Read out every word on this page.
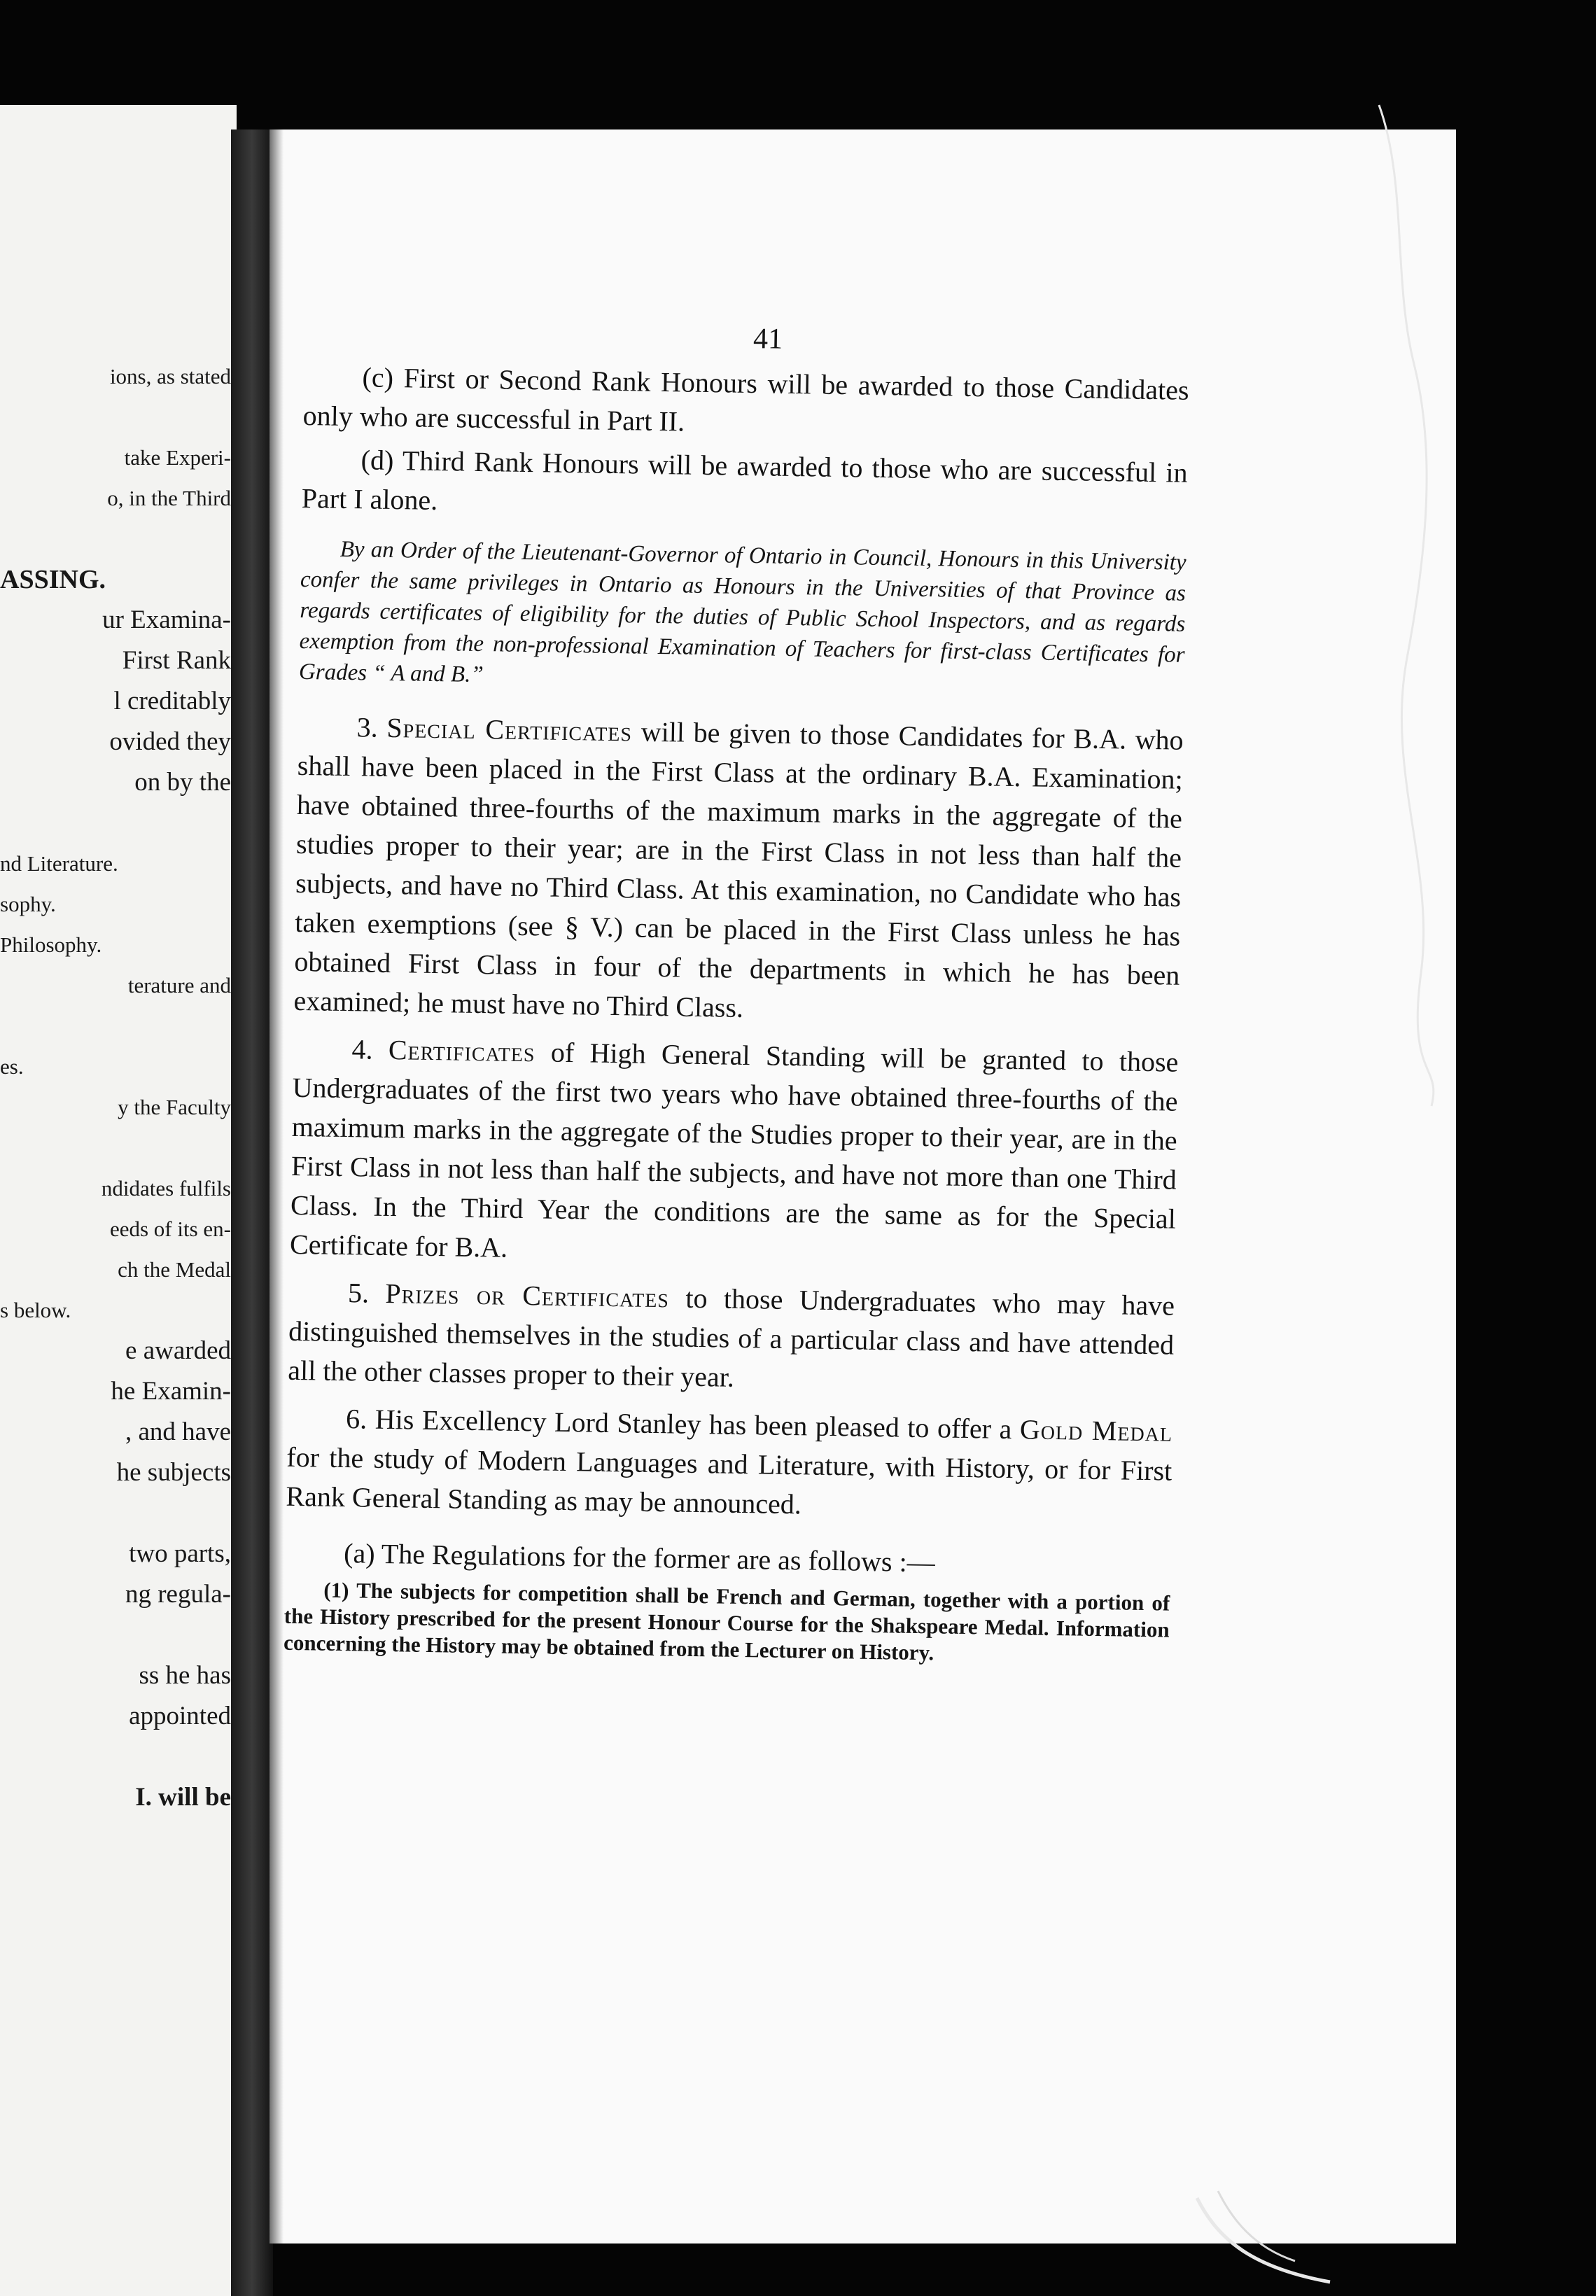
ions, as stated
take Experi-
o, in the Third
ASSING.
ur Examina-
First Rank
l creditably
ovided they
on by the
nd Literature.
sophy.
Philosophy.
terature and
es.
y the Faculty
ndidates fulfils
eeds of its en-
ch the Medal
s below.
e awarded
he Examin-
, and have
he subjects
two parts,
ng regula-
ss he has
appointed
I. will be
41

(c) First or Second Rank Honours will be awarded to those Candidates only who are successful in Part II.

(d) Third Rank Honours will be awarded to those who are successful in Part I alone.

By an Order of the Lieutenant-Governor of Ontario in Council, Honours in this University confer the same privileges in Ontario as Honours in the Universities of that Province as regards certificates of eligibility for the duties of Public School Inspectors, and as regards exemption from the non-professional Examination of Teachers for first-class Certificates for Grades “ A and B.”

3. Special Certificates will be given to those Candidates for B.A. who shall have been placed in the First Class at the ordinary B.A. Examination; have obtained three-fourths of the maximum marks in the aggregate of the studies proper to their year; are in the First Class in not less than half the subjects, and have no Third Class. At this examination, no Candidate who has taken exemptions (see § V.) can be placed in the First Class unless he has obtained First Class in four of the departments in which he has been examined; he must have no Third Class.

4. Certificates of High General Standing will be granted to those Undergraduates of the first two years who have obtained three-fourths of the maximum marks in the aggregate of the Studies proper to their year, are in the First Class in not less than half the subjects, and have not more than one Third Class. In the Third Year the conditions are the same as for the Special Certificate for B.A.

5. Prizes or Certificates to those Undergraduates who may have distinguished themselves in the studies of a particular class and have attended all the other classes proper to their year.

6. His Excellency Lord Stanley has been pleased to offer a Gold Medal for the study of Modern Languages and Literature, with History, or for First Rank General Standing as may be announced.

(a) The Regulations for the former are as follows :—

(1) The subjects for competition shall be French and German, together with a portion of the History prescribed for the present Honour Course for the Shakspeare Medal. Information concerning the History may be obtained from the Lecturer on History.
